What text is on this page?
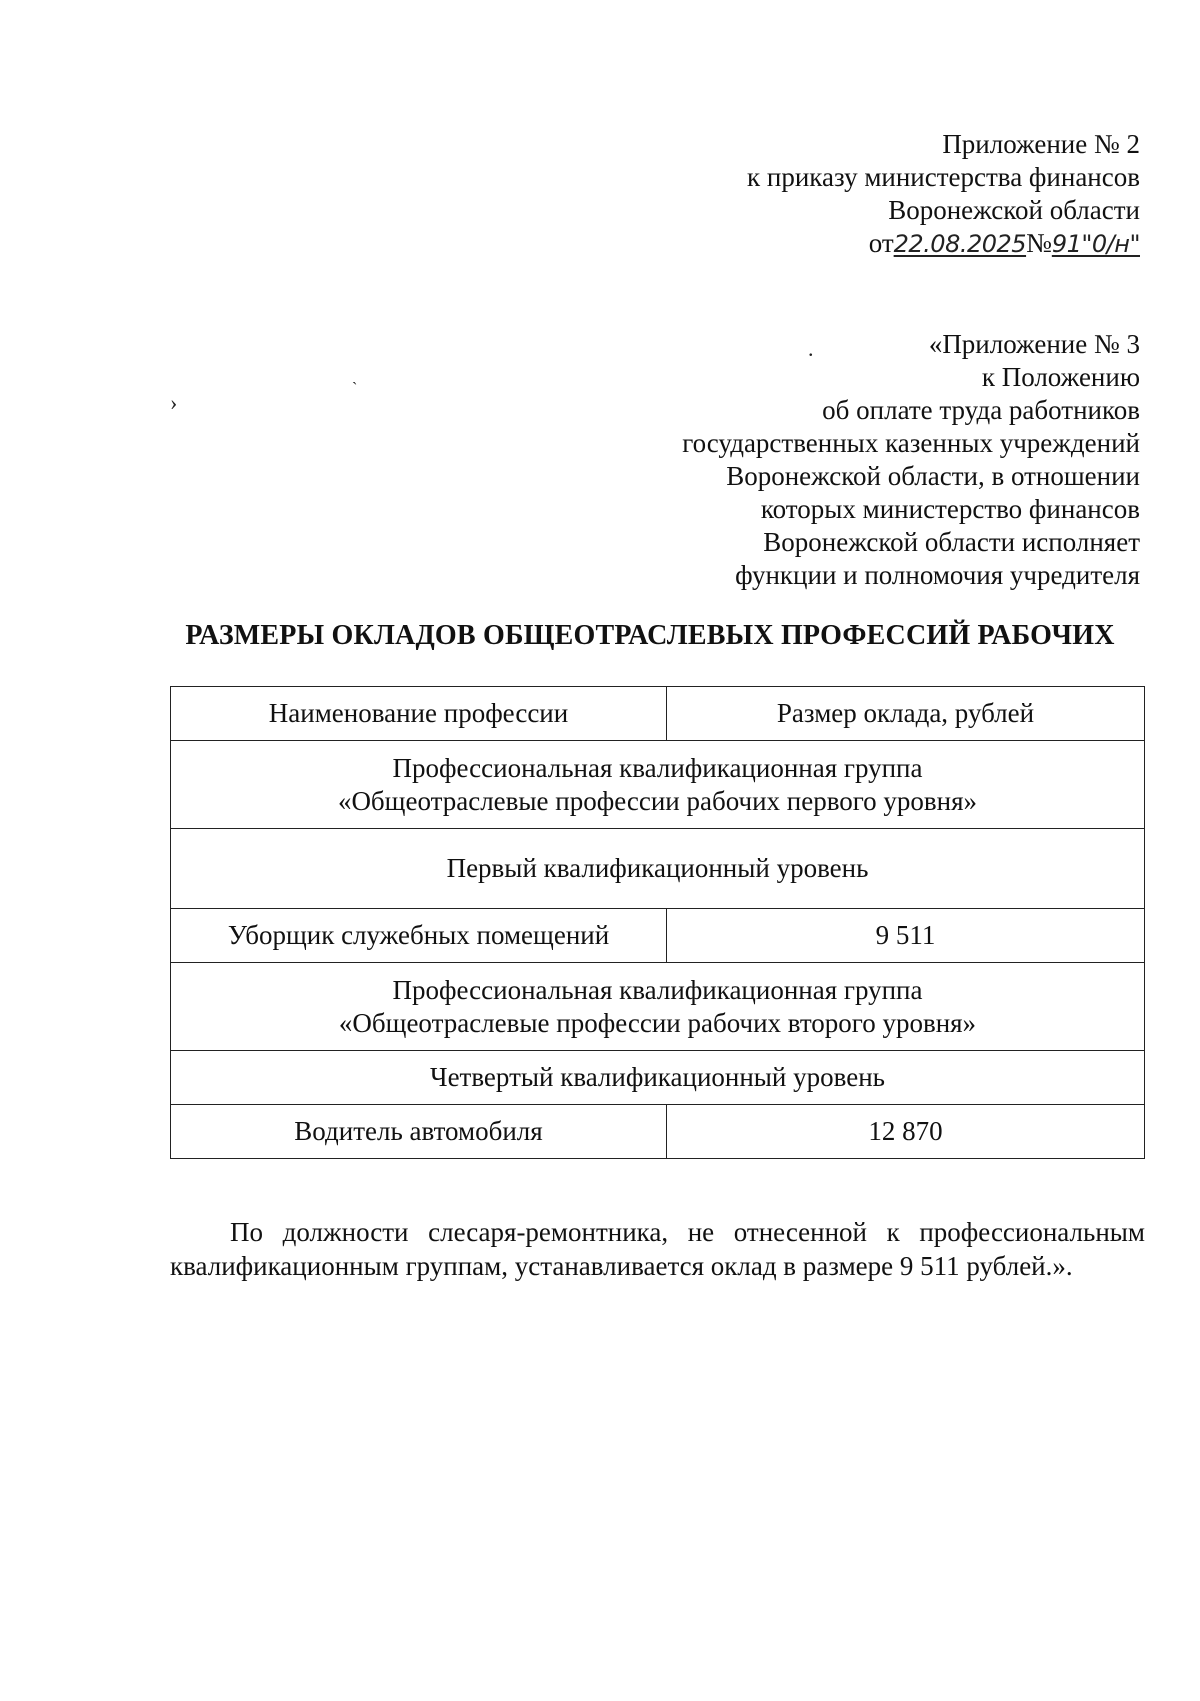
Приложение № 2
к приказу министерства финансов
Воронежской области
от22.08.2025№91"0/н"
.
›
`
«Приложение № 3
к Положению
об оплате труда работников
государственных казенных учреждений
Воронежской области, в отношении
которых министерство финансов
Воронежской области исполняет
функции и полномочия учредителя
РАЗМЕРЫ ОКЛАДОВ ОБЩЕОТРАСЛЕВЫХ ПРОФЕССИЙ РАБОЧИХ
Наименование профессии	Размер оклада, рублей

Профессиональная квалификационная группа
«Общеотраслевые профессии рабочих первого уровня»	

Первый квалификационный уровень	
Уборщик служебных помещений	9 511

Профессиональная квалификационная группа
«Общеотраслевые профессии рабочих второго уровня»	

Четвертый квалификационный уровень	
Водитель автомобиля	12 870

По должности слесаря-ремонтника, не отнесенной к профессиональным квалификационным группам, устанавливается оклад в размере 9 511 рублей.».
